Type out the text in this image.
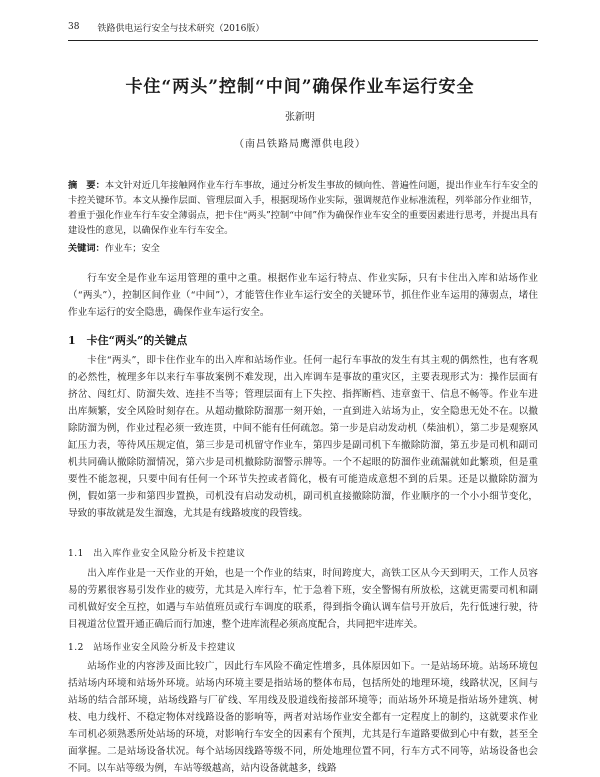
38 铁路供电运行安全与技术研究（2016版）
卡住“两头”控制“中间”确保作业车运行安全
张新明
（南昌铁路局鹰潭供电段）
摘　要：本文针对近几年接触网作业车行车事故，通过分析发生事故的倾向性、普遍性问题，提出作业车行车安全的卡控关键环节。本文从操作层面、管理层面入手，根据现场作业实际，强调规范作业标准流程，列举部分作业细节，着重于强化作业车行车安全薄弱点，把卡住“两头”控制“中间”作为确保作业车安全的重要因素进行思考，并提出具有建设性的意见，以确保作业车行车安全。
关键词：作业车；安全

行车安全是作业车运用管理的重中之重。根据作业车运行特点、作业实际，只有卡住出入库和站场作业（“两头”），控制区间作业（“中间”），才能管住作业车运行安全的关键环节，抓住作业车运用的薄弱点，堵住作业车运行的安全隐患，确保作业车运行安全。

1　卡住“两头”的关键点

卡住“两头”，即卡住作业车的出入库和站场作业。任何一起行车事故的发生有其主观的偶然性，也有客观的必然性，梳理多年以来行车事故案例不难发现，出入库调车是事故的重灾区，主要表现形式为：操作层面有挤岔、闯红灯、防溜失效、连挂不当等；管理层面有上下失控、指挥断档、违章蛮干、信息不畅等。作业车进出库频繁，安全风险时刻存在。从超动撤除防溜那一刻开始，一直到进入站场为止，安全隐患无处不在。以撤除防溜为例，作业过程必须一致连贯，中间不能有任何疏忽。第一步是启动发动机（柴油机），第二步是观察风缸压力表，等待风压规定值，第三步是司机留守作业车，第四步是副司机下车撤除防溜，第五步是司机和副司机共同确认撤除防溜情况，第六步是司机撤除防溜警示牌等。一个不起眼的防溜作业疏漏就如此繁琐，但是重要性不能忽视，只要中间有任何一个环节失控或者简化，极有可能造成意想不到的后果。还是以撤除防溜为例，假如第一步和第四步置换，司机没有启动发动机，副司机直接撤除防溜，作业顺序的一个小小细节变化，导致的事故就是发生溜逸，尤其是有线路坡度的段管线。

1.1　出入库作业安全风险分析及卡控建议

出入库作业是一天作业的开始，也是一个作业的结束，时间跨度大，高铁工区从今天到明天，工作人员容易的劳累很容易引发作业的疲劳，尤其是入库行车，忙于急着下班，安全警惕有所放松，这就更需要司机和副司机做好安全互控，如遇与车站值班员或行车调度的联系，得到指令确认调车信号开放后，先行低速行驶，待目视道岔位置开通正确后而行加速，整个进库流程必须高度配合，共同把牢进库关。

1.2　站场作业安全风险分析及卡控建议

站场作业的内容涉及面比较广，因此行车风险不确定性增多，具体原因如下。一是站场环境。站场环境包括站场内环境和站场外环境。站场内环境主要是指站场的整体布局，包括所处的地理环境，线路状况，区间与站场的结合部环境，站场线路与厂矿线、军用线及股道线衔接部环境等；而站场外环境是指站场外建筑、树枝、电力线杆、不稳定物体对线路设备的影响等，两者对站场作业安全都有一定程度上的制约，这就要求作业车司机必须熟悉所处站场的环境，对影响行车安全的因素有个预判，尤其是行车道路要做到心中有数，甚至全面掌握。二是站场设备状况。每个站场因线路等级不同，所处地理位置不同，行车方式不同等，站场设备也会不同。以车站等级为例，车站等级越高，站内设备就越多，线路
